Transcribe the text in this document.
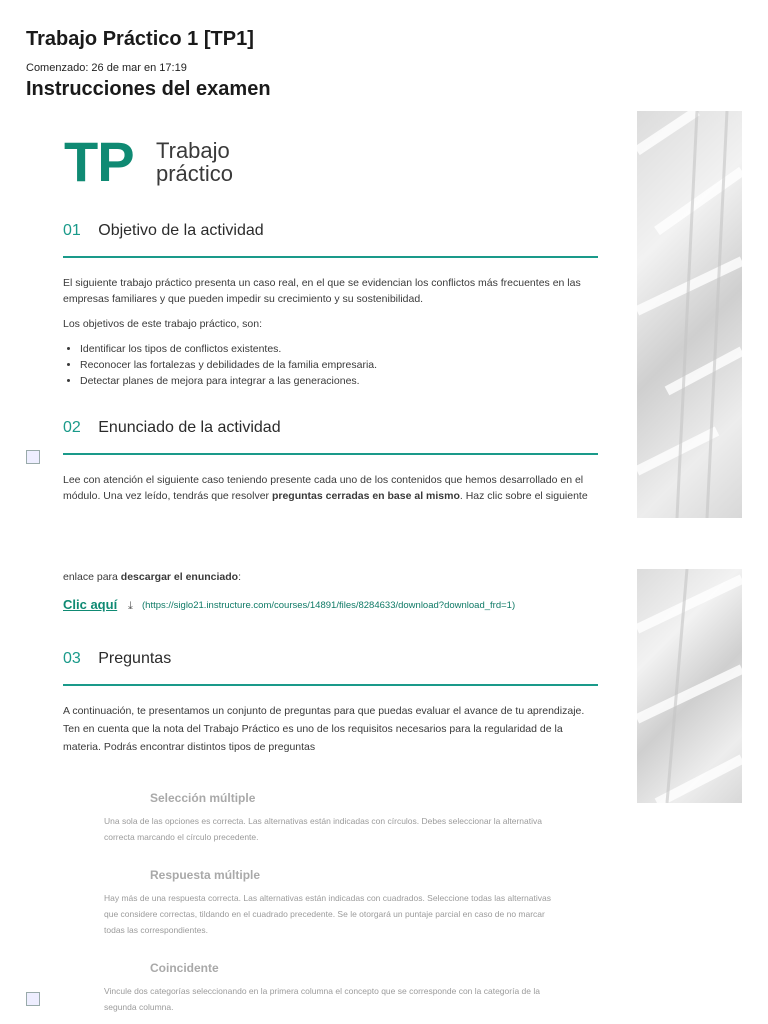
Trabajo Práctico 1 [TP1]
Comenzado: 26 de mar en 17:19
Instrucciones del examen
TP Trabajo
práctico
01 Objetivo de la actividad
El siguiente trabajo práctico presenta un caso real, en el que se evidencian los conflictos más frecuentes en las empresas familiares y que pueden impedir su crecimiento y su sostenibilidad.
Los objetivos de este trabajo práctico, son:
• Identificar los tipos de conflictos existentes.
• Reconocer las fortalezas y debilidades de la familia empresaria.
• Detectar planes de mejora para integrar a las generaciones.
02 Enunciado de la actividad
Lee con atención el siguiente caso teniendo presente cada uno de los contenidos que hemos desarrollado en el módulo. Una vez leído, tendrás que resolver preguntas cerradas en base al mismo. Haz clic sobre el siguiente
enlace para descargar el enunciado:
Clic aquí ⤓ (https://siglo21.instructure.com/courses/14891/files/8284633/download?download_frd=1)
03 Preguntas
A continuación, te presentamos un conjunto de preguntas para que puedas evaluar el avance de tu aprendizaje. Ten en cuenta que la nota del Trabajo Práctico es uno de los requisitos necesarios para la regularidad de la materia. Podrás encontrar distintos tipos de preguntas
Selección múltiple
Una sola de las opciones es correcta. Las alternativas están indicadas con círculos. Debes seleccionar la alternativa correcta marcando el círculo precedente.
Respuesta múltiple
Hay más de una respuesta correcta. Las alternativas están indicadas con cuadrados. Seleccione todas las alternativas que considere correctas, tildando en el cuadrado precedente. Se le otorgará un puntaje parcial en caso de no marcar todas las correspondientes.
Coincidente
Vincule dos categorías seleccionando en la primera columna el concepto que se corresponde con la categoría de la segunda columna.
